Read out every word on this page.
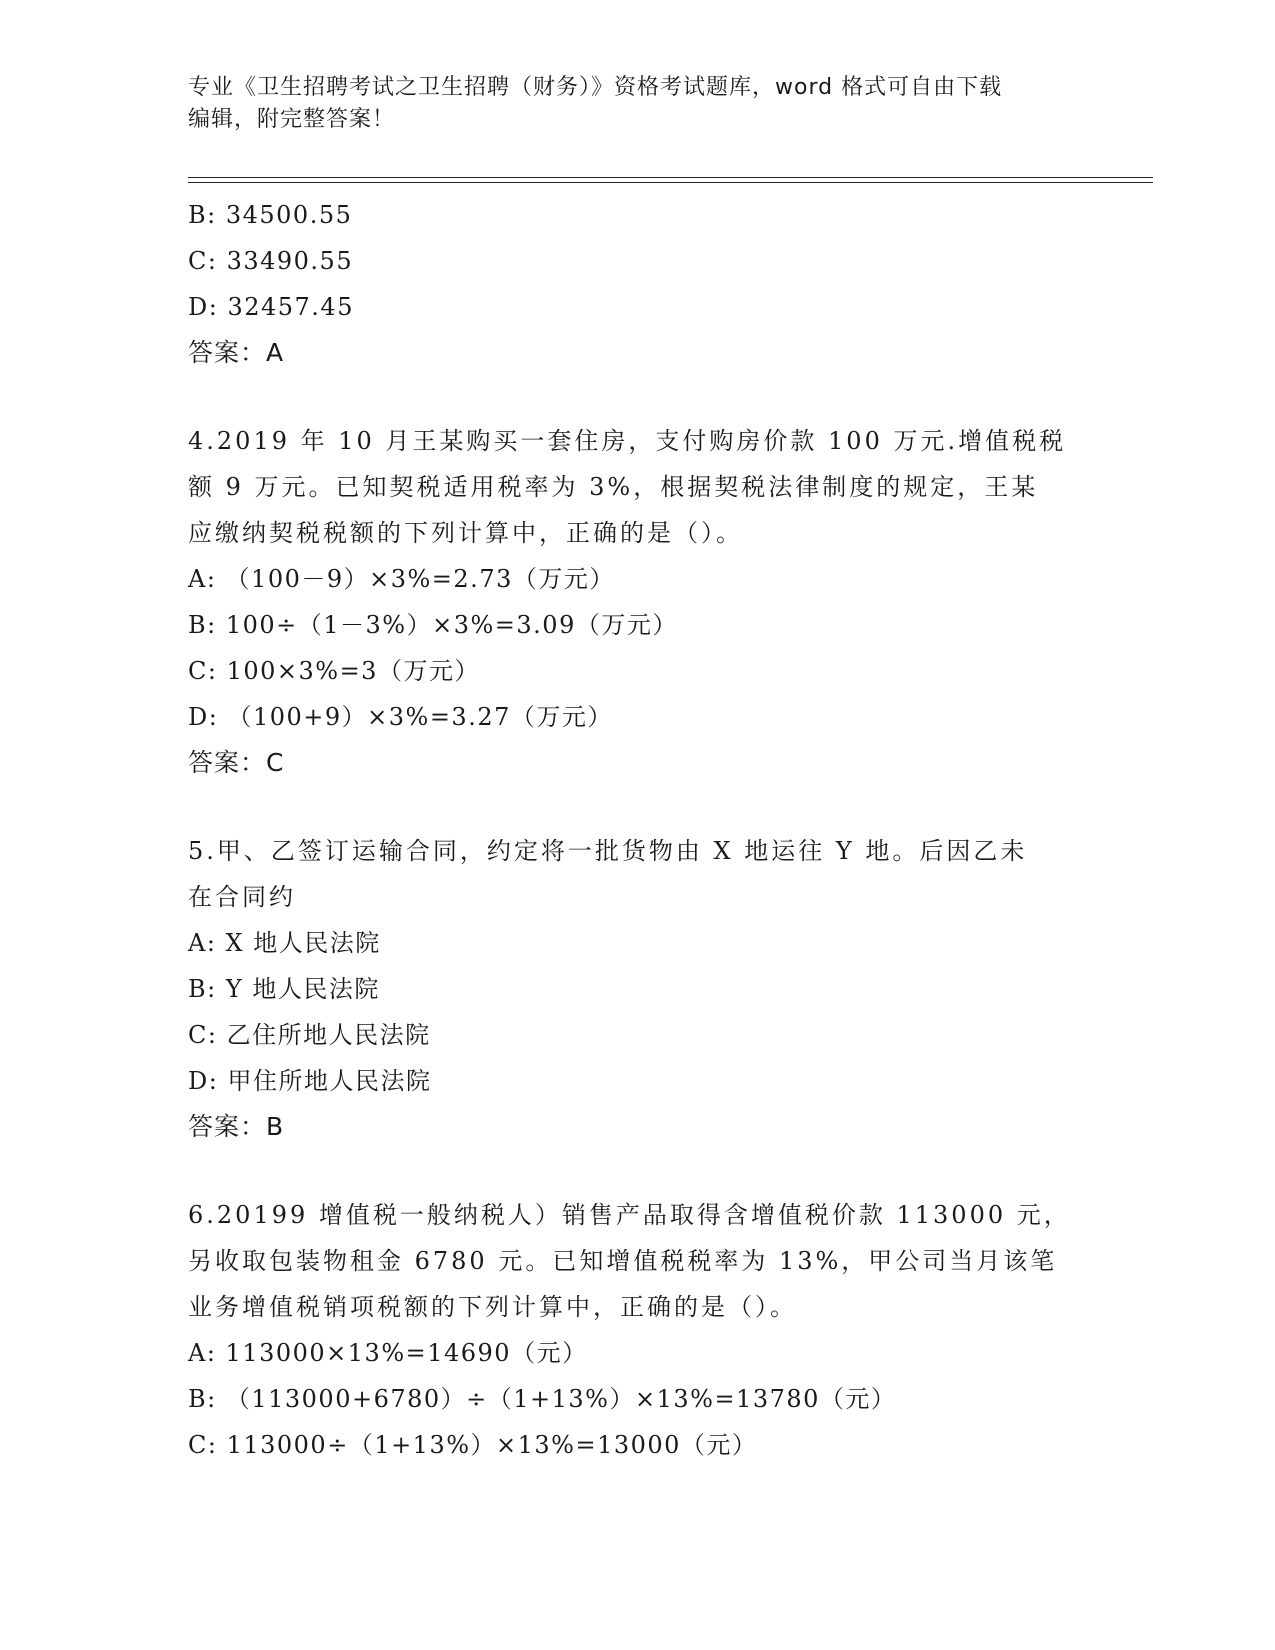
专业《卫生招聘考试之卫生招聘（财务）》资格考试题库，word 格式可自由下载
编辑，附完整答案！
B: 34500.55
C: 33490.55
D: 32457.45
答案：A
4.2019 年 10 月王某购买一套住房，支付购房价款 100 万元.增值税税
额 9 万元。已知契税适用税率为 3%，根据契税法律制度的规定，王某
应缴纳契税税额的下列计算中，正确的是（）。
A: （100－9）×3%=2.73（万元）
B: 100÷（1－3%）×3%=3.09（万元）
C: 100×3%=3（万元）
D: （100+9）×3%=3.27（万元）
答案：C
5.甲、乙签订运输合同，约定将一批货物由 X 地运往 Y 地。后因乙未
在合同约
A: X 地人民法院
B: Y 地人民法院
C: 乙住所地人民法院
D: 甲住所地人民法院
答案：B
6.20199 增值税一般纳税人）销售产品取得含增值税价款 113000 元，
另收取包装物租金 6780 元。已知增值税税率为 13%，甲公司当月该笔
业务增值税销项税额的下列计算中，正确的是（）。
A: 113000×13%=14690（元）
B: （113000+6780）÷（1+13%）×13%=13780（元）
C: 113000÷（1+13%）×13%=13000（元）
